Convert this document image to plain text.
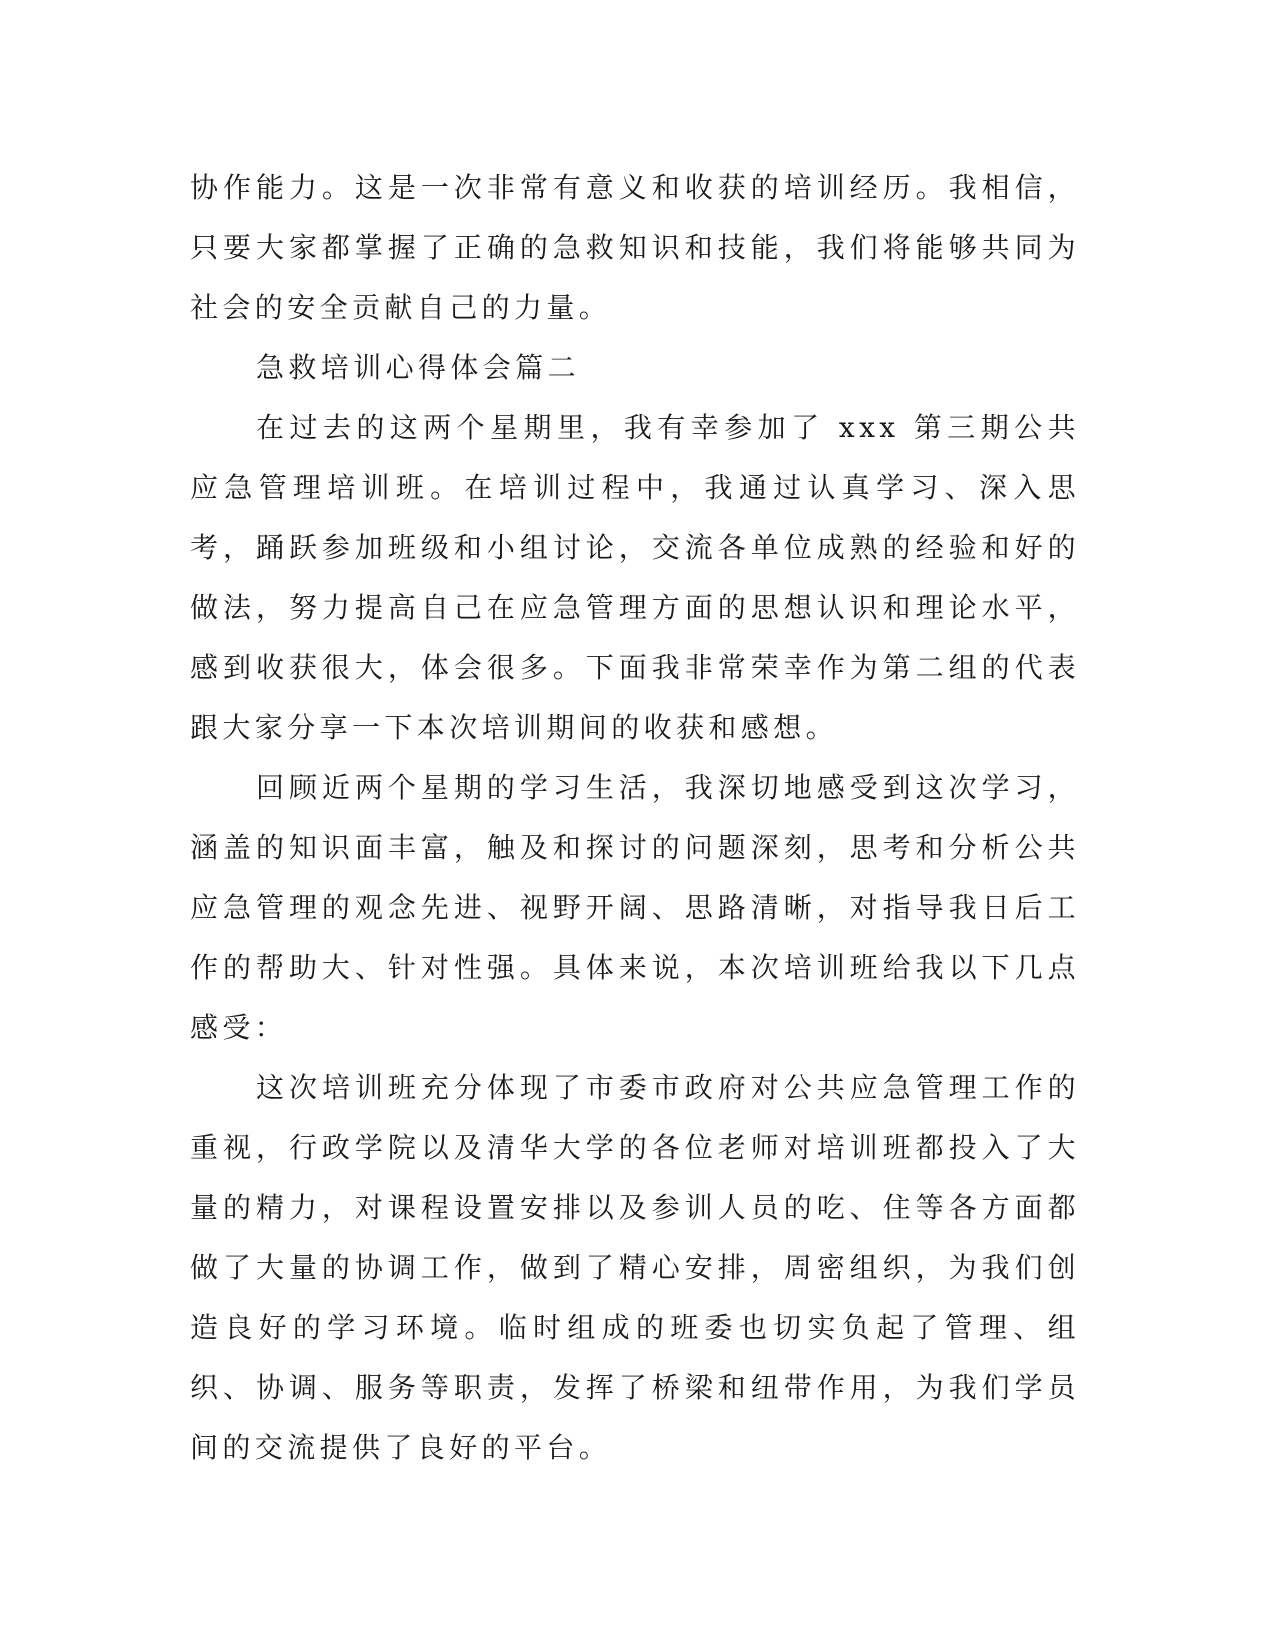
协作能力。这是一次非常有意义和收获的培训经历。我相信，只要大家都掌握了正确的急救知识和技能，我们将能够共同为社会的安全贡献自己的力量。

急救培训心得体会篇二

在过去的这两个星期里，我有幸参加了 xxx 第三期公共应急管理培训班。在培训过程中，我通过认真学习、深入思考，踊跃参加班级和小组讨论，交流各单位成熟的经验和好的做法，努力提高自己在应急管理方面的思想认识和理论水平，感到收获很大，体会很多。下面我非常荣幸作为第二组的代表跟大家分享一下本次培训期间的收获和感想。

回顾近两个星期的学习生活，我深切地感受到这次学习，涵盖的知识面丰富，触及和探讨的问题深刻，思考和分析公共应急管理的观念先进、视野开阔、思路清晰，对指导我日后工作的帮助大、针对性强。具体来说，本次培训班给我以下几点感受：

这次培训班充分体现了市委市政府对公共应急管理工作的重视，行政学院以及清华大学的各位老师对培训班都投入了大量的精力，对课程设置安排以及参训人员的吃、住等各方面都做了大量的协调工作，做到了精心安排，周密组织，为我们创造良好的学习环境。临时组成的班委也切实负起了管理、组织、协调、服务等职责，发挥了桥梁和纽带作用，为我们学员间的交流提供了良好的平台。
